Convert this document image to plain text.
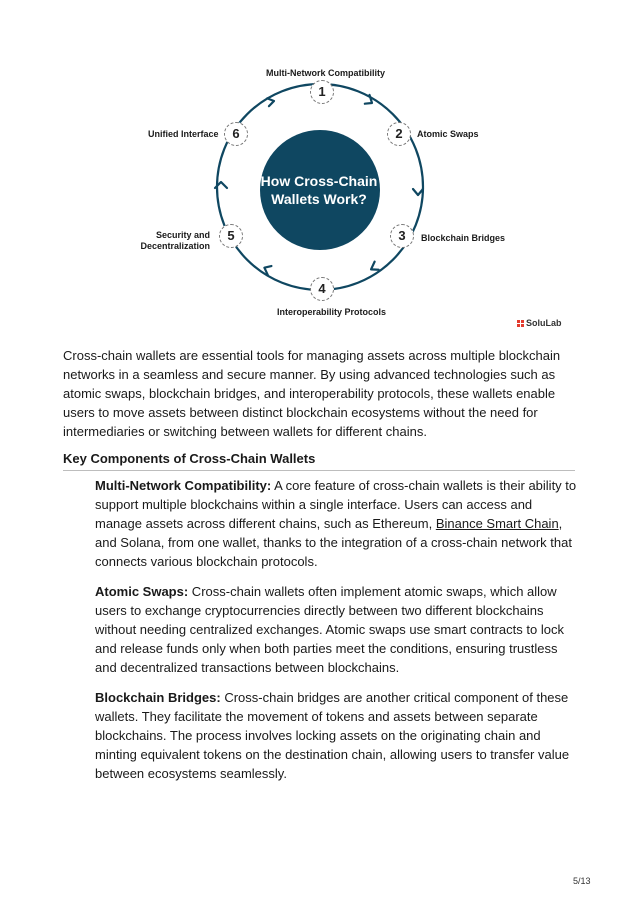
How Cross-Chain
Wallets Work?
1
2
3
4
5
6
Multi-Network Compatibility
Atomic Swaps
Blockchain Bridges
Interoperability Protocols
Security and
Decentralization
Unified Interface
SoluLab

Cross-chain wallets are essential tools for managing assets across multiple blockchain networks in a seamless and secure manner. By using advanced technologies such as atomic swaps, blockchain bridges, and interoperability protocols, these wallets enable users to move assets between distinct blockchain ecosystems without the need for intermediaries or switching between wallets for different chains.

Key Components of Cross-Chain Wallets

Multi-Network Compatibility: A core feature of cross-chain wallets is their ability to support multiple blockchains within a single interface. Users can access and manage assets across different chains, such as Ethereum, Binance Smart Chain, and Solana, from one wallet, thanks to the integration of a cross-chain network that connects various blockchain protocols.

Atomic Swaps: Cross-chain wallets often implement atomic swaps, which allow users to exchange cryptocurrencies directly between two different blockchains without needing centralized exchanges. Atomic swaps use smart contracts to lock and release funds only when both parties meet the conditions, ensuring trustless and decentralized transactions between blockchains.

Blockchain Bridges: Cross-chain bridges are another critical component of these wallets. They facilitate the movement of tokens and assets between separate blockchains. The process involves locking assets on the originating chain and minting equivalent tokens on the destination chain, allowing users to transfer value between ecosystems seamlessly.

5/13
